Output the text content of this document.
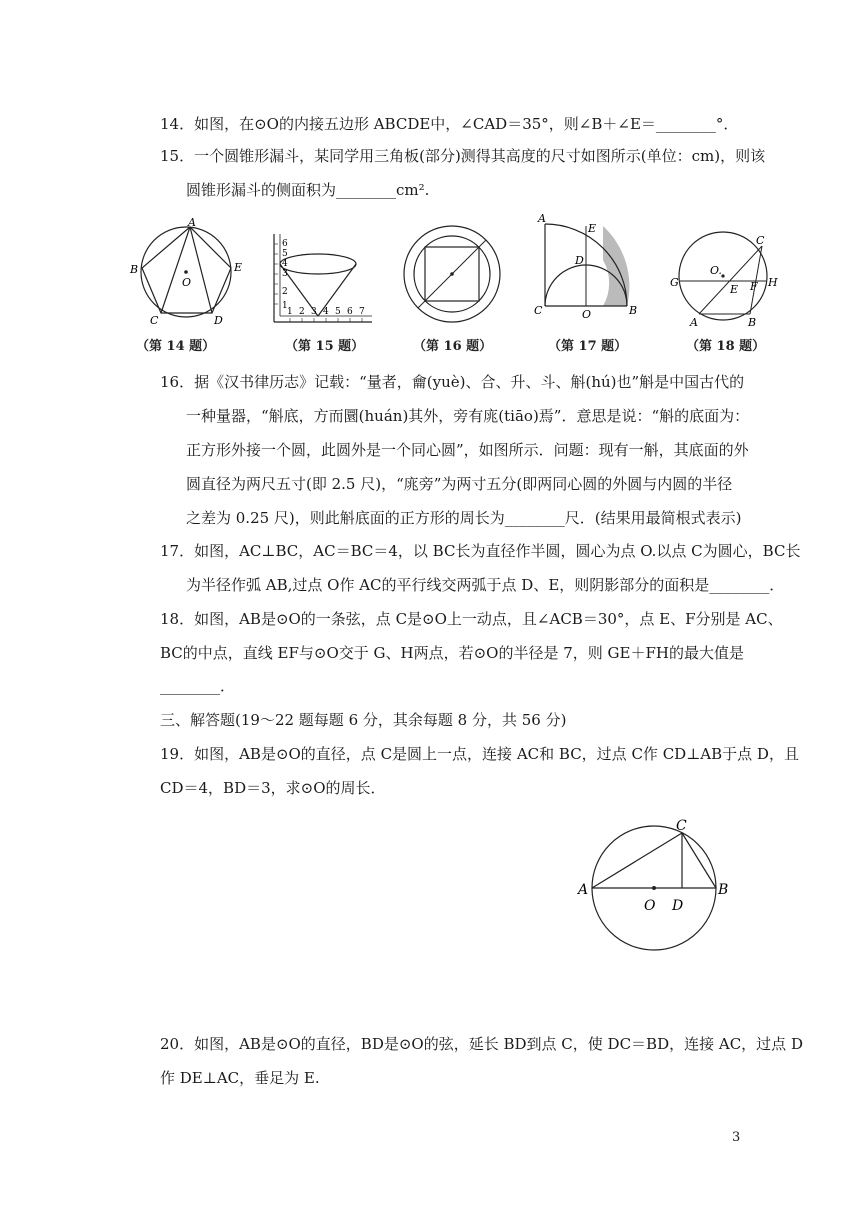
14．如图，在⊙O的内接五边形 ABCDE中，∠CAD＝35°，则∠B＋∠E＝________°．
15．一个圆锥形漏斗，某同学用三角板(部分)测得其高度的尺寸如图所示(单位：cm)，则该
圆锥形漏斗的侧面积为________cm².
A
B
C	D
E
O
6
5
4
3
2
1
1 2 3 4 5 6 7
A
E
D
C	O	B
C
O.
G	H
E F
A	B
（第 14 题）	（第 15 题）	（第 16 题）	（第 17 题）	（第 18 题）
16．据《汉书律历志》记载：“量者，龠(yuè)、合、升、斗、斛(hú)也”斛是中国古代的
一种量器，“斛底，方而圜(huán)其外，旁有庣(tiāo)焉”．意思是说：“斛的底面为：
正方形外接一个圆，此圆外是一个同心圆”，如图所示．问题：现有一斛，其底面的外
圆直径为两尺五寸(即 2.5 尺)，“庣旁”为两寸五分(即两同心圆的外圆与内圆的半径
之差为 0.25 尺)，则此斛底面的正方形的周长为________尺．(结果用最简根式表示)
17．如图，AC⊥BC，AC＝BC＝4，以 BC长为直径作半圆，圆心为点 O.以点 C为圆心，BC长
为半径作弧 AB,过点 O作 AC的平行线交两弧于点 D、E，则阴影部分的面积是________．
18．如图，AB是⊙O的一条弦，点 C是⊙O上一动点，且∠ACB＝30°，点 E、F分别是 AC、
BC的中点，直线 EF与⊙O交于 G、H两点，若⊙O的半径是 7，则 GE＋FH的最大值是
________．
三、解答题(19～22 题每题 6 分，其余每题 8 分，共 56 分)
19．如图，AB是⊙O的直径，点 C是圆上一点，连接 AC和 BC，过点 C作 CD⊥AB于点 D，且
CD＝4，BD＝3，求⊙O的周长．
C
A
O D
B
20．如图，AB是⊙O的直径，BD是⊙O的弦，延长 BD到点 C，使 DC＝BD，连接 AC，过点 D
作 DE⊥AC，垂足为 E.
3
